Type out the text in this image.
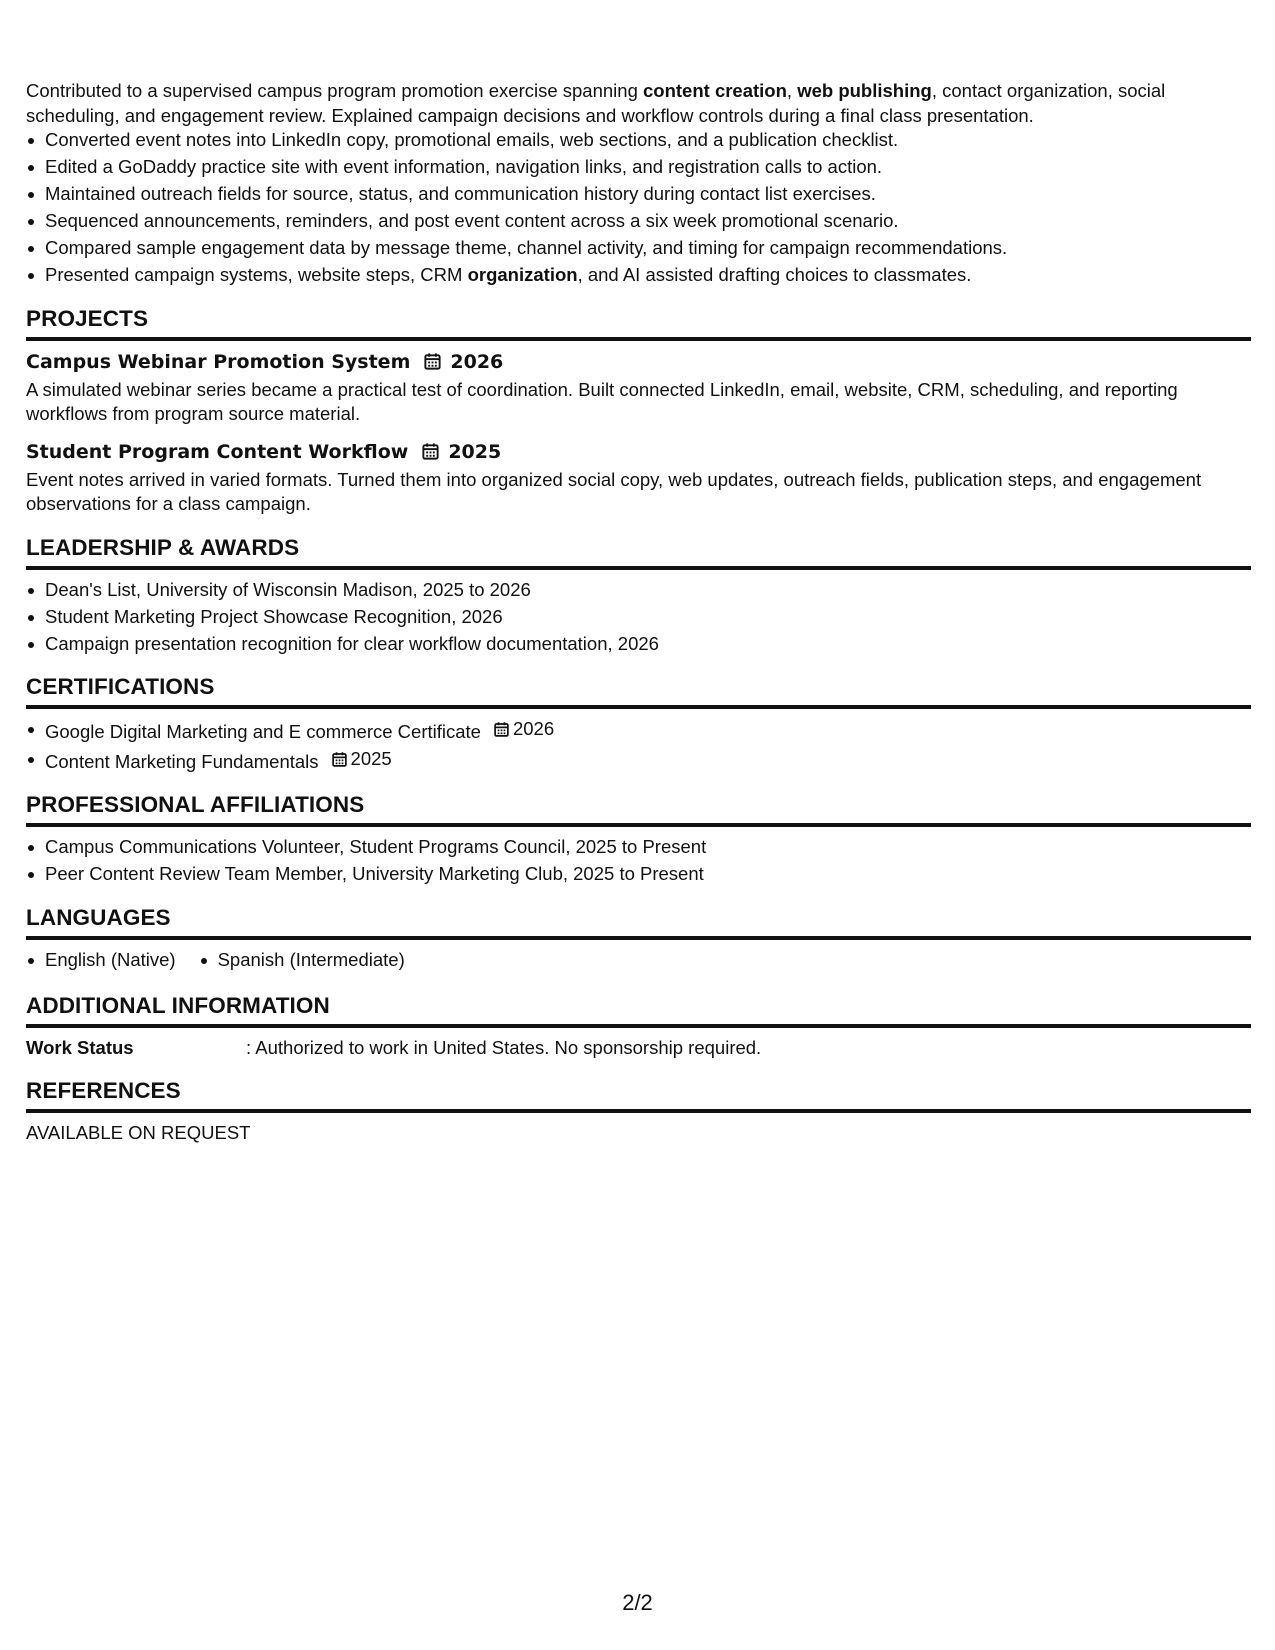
Contributed to a supervised campus program promotion exercise spanning content creation, web publishing, contact organization, social scheduling, and engagement review. Explained campaign decisions and workflow controls during a final class presentation.

Converted event notes into LinkedIn copy, promotional emails, web sections, and a publication checklist.
Edited a GoDaddy practice site with event information, navigation links, and registration calls to action.
Maintained outreach fields for source, status, and communication history during contact list exercises.
Sequenced announcements, reminders, and post event content across a six week promotional scenario.
Compared sample engagement data by message theme, channel activity, and timing for campaign recommendations.
Presented campaign systems, website steps, CRM organization, and AI assisted drafting choices to classmates.
PROJECTS
Campus Webinar Promotion System 2026

A simulated webinar series became a practical test of coordination. Built connected LinkedIn, email, website, CRM, scheduling, and reporting workflows from program source material.

Student Program Content Workflow 2025

Event notes arrived in varied formats. Turned them into organized social copy, web updates, outreach fields, publication steps, and engagement observations for a class campaign.

LEADERSHIP & AWARDS
Dean's List, University of Wisconsin Madison, 2025 to 2026
Student Marketing Project Showcase Recognition, 2026
Campaign presentation recognition for clear workflow documentation, 2026
CERTIFICATIONS
Google Digital Marketing and E commerce Certificate 2026
Content Marketing Fundamentals 2025
PROFESSIONAL AFFILIATIONS
Campus Communications Volunteer, Student Programs Council, 2025 to Present
Peer Content Review Team Member, University Marketing Club, 2025 to Present
LANGUAGES
English (Native) Spanish (Intermediate)
ADDITIONAL INFORMATION
Work Status	: Authorized to work in United States. No sponsorship required.
REFERENCES

AVAILABLE ON REQUEST

2/2
